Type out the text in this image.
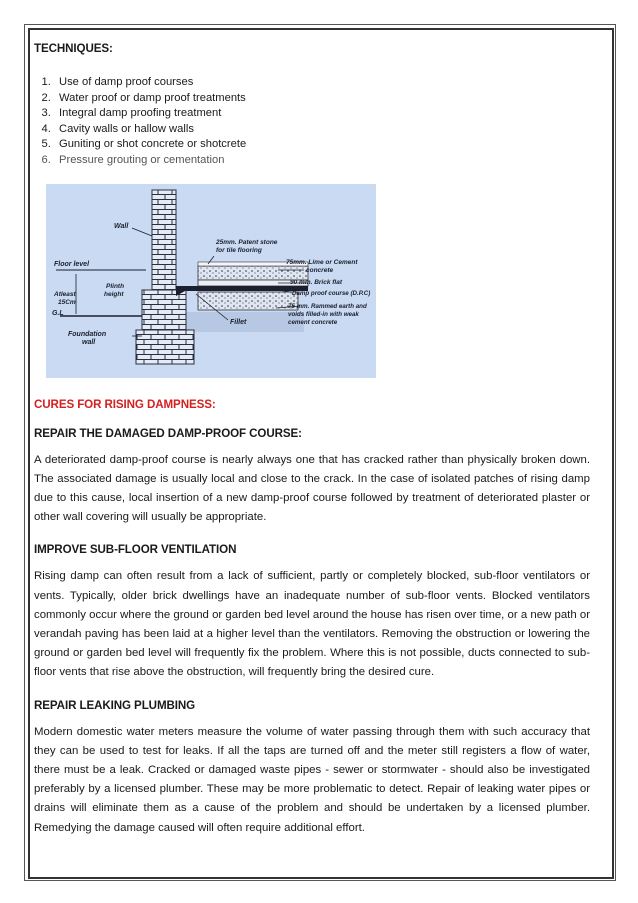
TECHNIQUES:

1. Use of damp proof courses
2. Water proof or damp proof treatments
3. Integral damp proofing treatment
4. Cavity walls or hallow walls
5. Guniting or shot concrete or shotcrete
6. Pressure grouting or cementation
Wall
Floor level
Plinth
height
Atleast
15Cm
G.L
Foundation
wall
25mm. Patent stone
for tile flooring
75mm. Lime or Cement
concrete
90 mm. Brick flat
Damp proof course (D.P.C)
75 mm. Rammed earth and
voids filled-in with weak
cement concrete
Fillet

CURES FOR RISING DAMPNESS:

REPAIR THE DAMAGED DAMP-PROOF COURSE:

A deteriorated damp-proof course is nearly always one that has cracked rather than physically broken down. The associated damage is usually local and close to the crack. In the case of isolated patches of rising damp due to this cause, local insertion of a new damp-proof course followed by treatment of deteriorated plaster or other wall covering will usually be appropriate.

IMPROVE SUB-FLOOR VENTILATION

Rising damp can often result from a lack of sufficient, partly or completely blocked, sub-floor ventilators or vents. Typically, older brick dwellings have an inadequate number of sub-floor vents. Blocked ventilators commonly occur where the ground or garden bed level around the house has risen over time, or a new path or verandah paving has been laid at a higher level than the ventilators. Removing the obstruction or lowering the ground or garden bed level will frequently fix the problem. Where this is not possible, ducts connected to sub-floor vents that rise above the obstruction, will frequently bring the desired cure.

REPAIR LEAKING PLUMBING

Modern domestic water meters measure the volume of water passing through them with such accuracy that they can be used to test for leaks. If all the taps are turned off and the meter still registers a flow of water, there must be a leak. Cracked or damaged waste pipes - sewer or stormwater - should also be investigated preferably by a licensed plumber. These may be more problematic to detect. Repair of leaking water pipes or drains will eliminate them as a cause of the problem and should be undertaken by a licensed plumber. Remedying the damage caused will often require additional effort.
